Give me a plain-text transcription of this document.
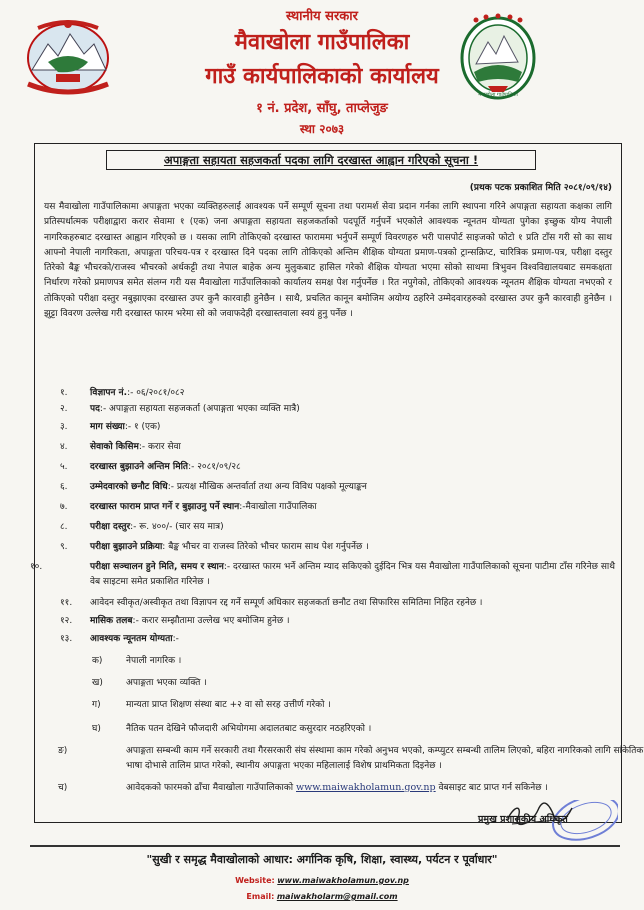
स्थानीय सरकार
मैवाखोला गाउँपालिका
गाउँ कार्यपालिकाको कार्यालय
१ नं. प्रदेश, साँघु, ताप्लेजुङ
स्था २०७३
मैवाखोला गाउँपालिका
अपाङ्गता सहायता सहजकर्ता पदका लागि दरखास्त आह्वान गरिएको सूचना !
(प्रथक पटक प्रकाशित मिति २०८१/०९/१४)
यस मैवाखोला गाउँपालिकामा अपाङ्गता भएका व्यक्तिहरुलाई आवश्यक पर्ने सम्पूर्ण सूचना तथा परामर्श सेवा प्रदान गर्नका लागि स्थापना गरिने अपाङ्गता सहायता कक्षका लागि प्रतिस्पर्धात्मक परीक्षाद्वारा करार सेवामा १ (एक) जना अपाङ्गता सहायता सहजकर्ताको पदपूर्ति गर्नुपर्ने भएकोले आवश्यक न्यूनतम योग्यता पुगेका इच्छुक योग्य नेपाली नागरिकहरुबाट दरखास्त आह्वान गरिएको छ । यसका लागि तोकिएको दरखास्त फाराममा भर्नुपर्ने सम्पूर्ण विवरणहरु भरी पासपोर्ट साइजको फोटो १ प्रति टाँस गरी सो का साथ आफ्नो नेपाली नागरिकता, अपाङ्गता परिचय-पत्र र दरखास्त दिने पदका लागि तोकिएको अन्तिम शैक्षिक योग्यता प्रमाण-पत्रको ट्रान्सक्रिप्ट, चारित्रिक प्रमाण-पत्र, परीक्षा दस्तुर तिरेको बैङ्क भौचरको/राजस्व भौचरको अर्धकट्टी तथा नेपाल बाहेक अन्य मुलुकबाट हासिल गरेको शैक्षिक योग्यता भएमा सोको साथमा त्रिभुवन विश्वविद्यालयबाट समकक्षता निर्धारण गरेको प्रमाणपत्र समेत संलग्न गरी यस मैवाखोला गाउँपालिकाको कार्यालय समक्ष पेश गर्नुपर्नेछ । रित नपुगेको, तोकिएको आवश्यक न्यूनतम शैक्षिक योग्यता नभएको र तोकिएको परीक्षा दस्तुर नबुझाएका दरखास्त उपर कुनै कारवाही हुनेछैन । साथै, प्रचलित कानून बमोजिम अयोग्य ठहरिने उम्मेदवारहरुको दरखास्त उपर कुनै कारवाही हुनेछैन । झुट्टा विवरण उल्लेख गरी दरखास्त फारम भरेमा सो को जवाफदेही दरखास्तवाला स्वयं हुनु पर्नेछ ।
१. विज्ञापन नं.:- ०६/२०८१/०८२
२. पद:- अपाङ्गता सहायता सहजकर्ता (अपाङ्गता भएका व्यक्ति मात्रै)
३. माग संख्या:- १ (एक)
४. सेवाको किसिम:- करार सेवा
५. दरखास्त बुझाउने अन्तिम मिति:- २०८१/०९/२८
६. उम्मेदवारको छनौट विधि:- प्रत्यक्ष मौखिक अन्तर्वार्ता तथा अन्य विविध पक्षको मूल्याङ्कन
७. दरखास्त फाराम प्राप्त गर्ने र बुझाउनु पर्ने स्थान:-मैवाखोला गाउँपालिका
८. परीक्षा दस्तुर:- रू. ४००/- (चार सय मात्र)
९. परीक्षा बुझाउने प्रक्रिया: बैङ्क भौचर वा राजस्व तिरेको भौचर फाराम साथ पेश गर्नुपर्नेछ ।
१०.	परीक्षा सञ्चालन हुने मिति, समय र स्थान:- दरखास्त फारम भर्ने अन्तिम म्याद सकिएको दुईदिन भित्र यस मैवाखोला गाउँपालिकाको सूचना पाटीमा टाँस गरिनेछ साथै वेब साइटमा समेत प्रकाशित गरिनेछ ।
११. आवेदन स्वीकृत/अस्वीकृत तथा विज्ञापन रद्द गर्ने सम्पूर्ण अधिकार सहजकर्ता छनौट तथा सिफारिस समितिमा निहित रहनेछ ।
१२. मासिक तलब:- करार सम्झौतामा उल्लेख भए बमोजिम हुनेछ ।
१३. आवश्यक न्यूनतम योग्यता:-
क)	नेपाली नागरिक ।
ख)	अपाङ्गता भएका व्यक्ति ।
ग)	मान्यता प्राप्त शिक्षण संस्था बाट +२ वा सो सरह उत्तीर्ण गरेको ।
घ)	नैतिक पतन देखिने फौजदारी अभियोगमा अदालतबाट कसुरदार नठहरिएको ।
ङ)	अपाङ्गता सम्बन्धी काम गर्ने सरकारी तथा गैरसरकारी संघ संस्थामा काम गरेको अनुभव भएको, कम्प्युटर सम्बन्धी तालिम लिएको, बहिरा नागरिकको लागि सांकेतिक भाषा दोभासे तालिम प्राप्त गरेको, स्थानीय अपाङ्गता भएका महिलालाई विशेष प्राथमिकता दिइनेछ ।
च)	आवेदकको फारमको ढाँचा मैवाखोला गाउँपालिकाको www.maiwakholamun.gov.np वेबसाइट बाट प्राप्त गर्न सकिनेछ ।
प्रमुख प्रशासकीय अधिकृत
"सुखी र समृद्ध मैवाखोलाको आधार: अर्गानिक कृषि, शिक्षा, स्वास्थ्य, पर्यटन र पूर्वाधार"
Website: www.maiwakholamun.gov.np
Email: maiwakholarm@gmail.com
